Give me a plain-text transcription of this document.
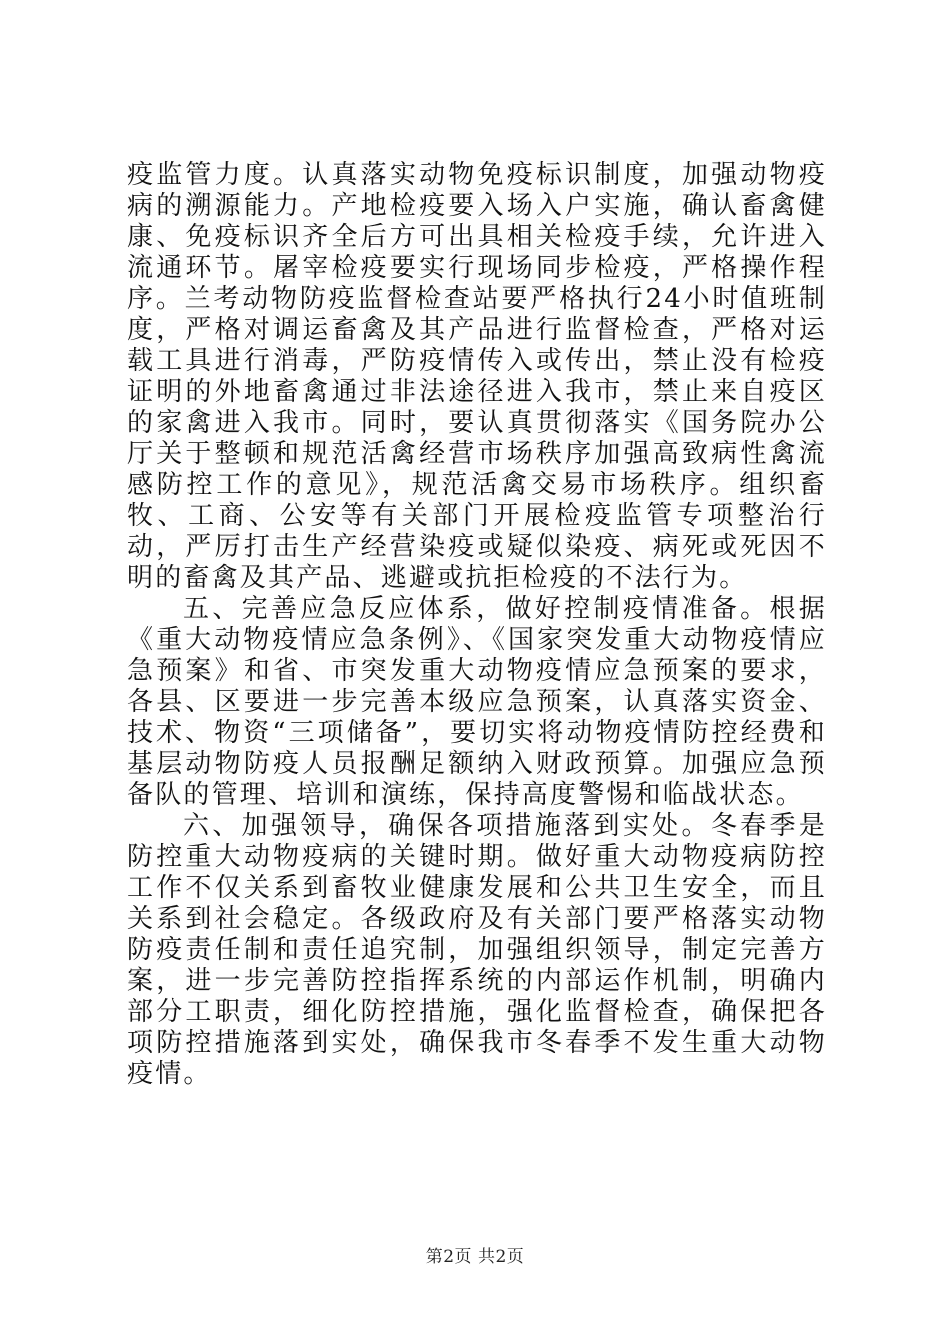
疫监管力度。认真落实动物免疫标识制度，加强动物疫病的溯源能力。产地检疫要入场入户实施，确认畜禽健康、免疫标识齐全后方可出具相关检疫手续，允许进入流通环节。屠宰检疫要实行现场同步检疫，严格操作程序。兰考动物防疫监督检查站要严格执行24小时值班制度，严格对调运畜禽及其产品进行监督检查，严格对运载工具进行消毒，严防疫情传入或传出，禁止没有检疫证明的外地畜禽通过非法途径进入我市，禁止来自疫区的家禽进入我市。同时，要认真贯彻落实《国务院办公厅关于整顿和规范活禽经营市场秩序加强高致病性禽流感防控工作的意见》，规范活禽交易市场秩序。组织畜牧、工商、公安等有关部门开展检疫监管专项整治行动，严厉打击生产经营染疫或疑似染疫、病死或死因不明的畜禽及其产品、逃避或抗拒检疫的不法行为。

五、完善应急反应体系，做好控制疫情准备。根据《重大动物疫情应急条例》、《国家突发重大动物疫情应急预案》和省、市突发重大动物疫情应急预案的要求，各县、区要进一步完善本级应急预案，认真落实资金、技术、物资“三项储备”，要切实将动物疫情防控经费和基层动物防疫人员报酬足额纳入财政预算。加强应急预备队的管理、培训和演练，保持高度警惕和临战状态。

六、加强领导，确保各项措施落到实处。冬春季是防控重大动物疫病的关键时期。做好重大动物疫病防控工作不仅关系到畜牧业健康发展和公共卫生安全，而且关系到社会稳定。各级政府及有关部门要严格落实动物防疫责任制和责任追究制，加强组织领导，制定完善方案，进一步完善防控指挥系统的内部运作机制，明确内部分工职责，细化防控措施，强化监督检查，确保把各项防控措施落到实处，确保我市冬春季不发生重大动物疫情。

第2页 共2页
